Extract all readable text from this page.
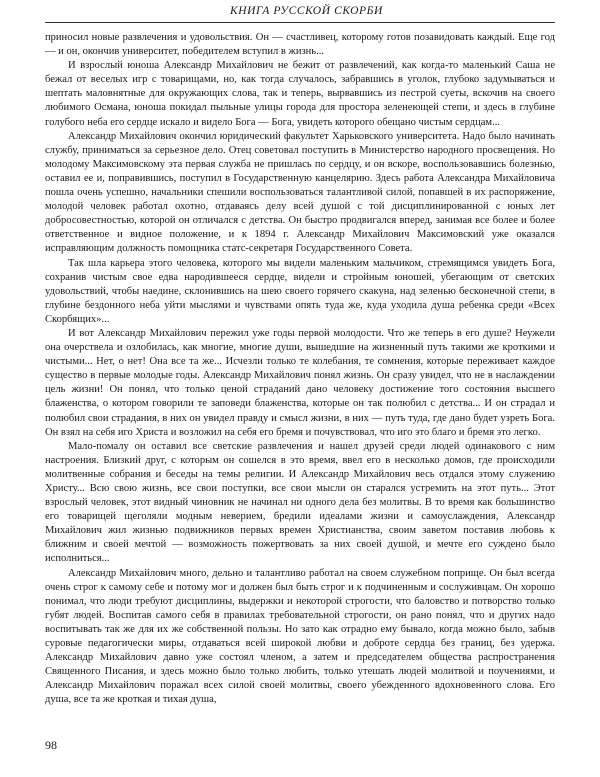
КНИГА РУССКОЙ СКОРБИ

приносил новые развлечения и удовольствия. Он — счастливец, которому готов позавидовать каждый. Еще год — и он, окончив университет, победителем вступил в жизнь...

И взрослый юноша Александр Михайлович не бежит от развлечений, как когда-то маленький Саша не бежал от веселых игр с товарищами, но, как тогда случалось, забравшись в уголок, глубоко задумываться и шептать маловнятные для окружающих слова, так и теперь, вырвавшись из пестрой суеты, вскочив на своего любимого Османа, юноша покидал пыльные улицы города для простора зеленеющей степи, и здесь в глубине голубого неба его сердце искало и видело Бога — Бога, увидеть которого обещано чистым сердцам...

Александр Михайлович окончил юридический факультет Харьковского университета. Надо было начинать службу, приниматься за серьезное дело. Отец советовал поступить в Министерство народного просвещения. Но молодому Максимовскому эта первая служба не пришлась по сердцу, и он вскоре, воспользовавшись болезнью, оставил ее и, поправившись, поступил в Государственную канцелярию. Здесь работа Александра Михайловича пошла очень успешно, начальники спешили воспользоваться талантливой силой, попавшей в их распоряжение, молодой человек работал охотно, отдаваясь делу всей душой с той дисциплинированной с юных лет добросовестностью, которой он отличался с детства. Он быстро продвигался вперед, занимая все более и более ответственное и видное положение, и к 1894 г. Александр Михайлович Максимовский уже оказался исправляющим должность помощника статс-секретаря Государственного Совета.

Так шла карьера этого человека, которого мы видели маленьким мальчиком, стремящимся увидеть Бога, сохранив чистым свое едва народившееся сердце, видели и стройным юношей, убегающим от светских удовольствий, чтобы наедине, склонившись на шею своего горячего скакуна, над зеленью бесконечной степи, в глубине бездонного неба уйти мыслями и чувствами опять туда же, куда уходила душа ребенка среди «Всех Скорбящих»...

И вот Александр Михайлович пережил уже годы первой молодости. Что же теперь в его душе? Неужели она очерствела и озлобилась, как многие, многие души, вышедшие на жизненный путь такими же кроткими и чистыми... Нет, о нет! Она все та же... Исчезли только те колебания, те сомнения, которые переживает каждое существо в первые молодые годы. Александр Михайлович понял жизнь. Он сразу увидел, что не в наслаждении цель жизни! Он понял, что только ценой страданий дано человеку достижение того состояния высшего блаженства, о котором говорили те заповеди блаженства, которые он так полюбил с детства... И он страдал и полюбил свои страдания, в них он увидел правду и смысл жизни, в них — путь туда, где дано будет узреть Бога. Он взял на себя иго Христа и возложил на себя его бремя и почувствовал, что иго это благо и бремя это легко.

Мало-помалу он оставил все светские развлечения и нашел друзей среди людей одинакового с ним настроения. Близкий друг, с которым он сошелся в это время, ввел его в несколько домов, где происходили молитвенные собрания и беседы на темы религии. И Александр Михайлович весь отдался этому служению Христу... Всю свою жизнь, все свои поступки, все свои мысли он старался устремить на этот путь... Этот взрослый человек, этот видный чиновник не начинал ни одного дела без молитвы. В то время как большинство его товарищей щеголяли модным неверием, бредили идеалами жизни и самоуслаждения, Александр Михайлович жил жизнью подвижников первых времен Христианства, своим заветом поставив любовь к ближним и своей мечтой — возможность пожертвовать за них своей душой, и мечте его суждено было исполниться...

Александр Михайлович много, дельно и талантливо работал на своем служебном поприще. Он был всегда очень строг к самому себе и потому мог и должен был быть строг и к подчиненным и сослуживцам. Он хорошо понимал, что люди требуют дисциплины, выдержки и некоторой строгости, что баловство и потворство только губят людей. Воспитав самого себя в правилах требовательной строгости, он рано понял, что и других надо воспитывать так же для их же собственной пользы. Но зато как отрадно ему бывало, когда можно было, забыв суровые педагогически миры, отдаваться всей широкой любви и доброте сердца без границ, без удержа. Александр Михайлович давно уже состоял членом, а затем и председателем общества распространения Священного Писания, и здесь можно было только любить, только утешать людей молитвой и поучениями, и Александр Михайлович поражал всех силой своей молитвы, своего убежденного вдохновенного слова. Его душа, все та же кроткая и тихая душа,

98
